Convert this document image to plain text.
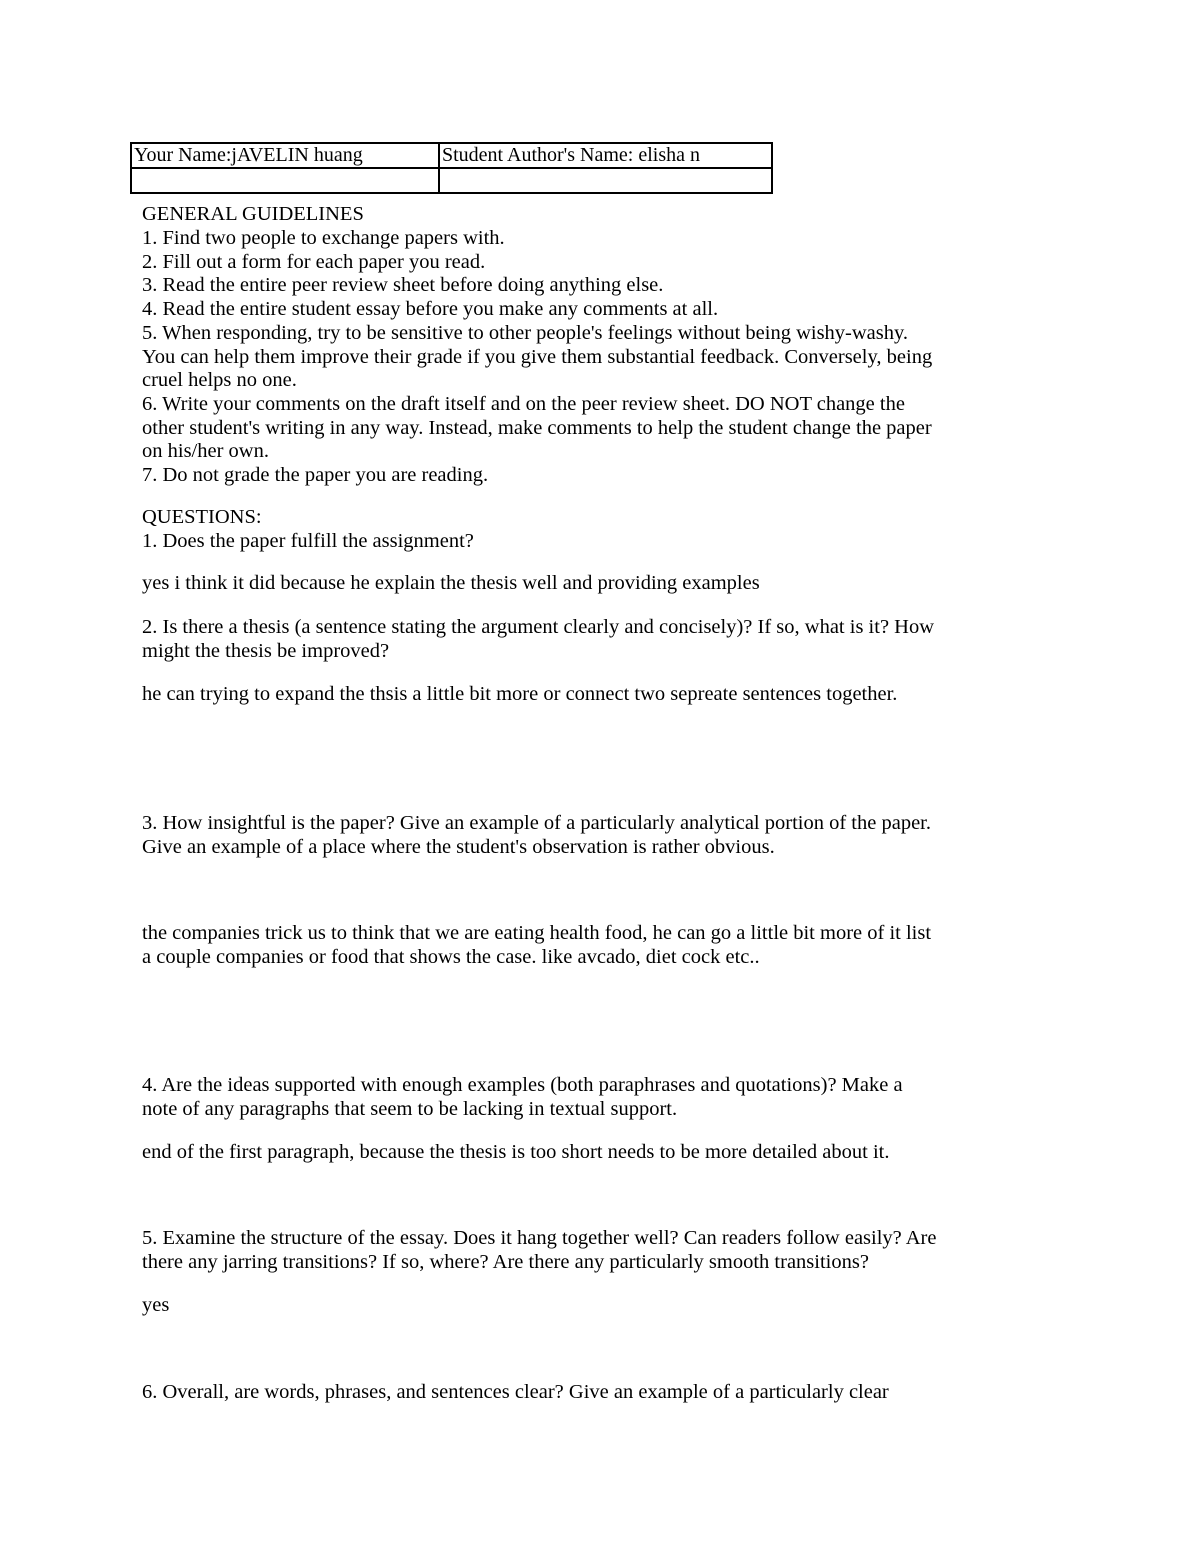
Your Name:jAVELIN huang	Student Author's Name: elisha n

GENERAL GUIDELINES

1. Find two people to exchange papers with.

2. Fill out a form for each paper you read.

3. Read the entire peer review sheet before doing anything else.

4. Read the entire student essay before you make any comments at all.

5. When responding, try to be sensitive to other people's feelings without being wishy-washy.
You can help them improve their grade if you give them substantial feedback. Conversely, being
cruel helps no one.
6. Write your comments on the draft itself and on the peer review sheet. DO NOT change the
other student's writing in any way. Instead, make comments to help the student change the paper
on his/her own.

7. Do not grade the paper you are reading.

QUESTIONS:

1. Does the paper fulfill the assignment?

yes i think it did because he explain the thesis well and providing examples

2. Is there a thesis (a sentence stating the argument clearly and concisely)? If so, what is it? How
might the thesis be improved?

he can trying to expand the thsis a little bit more or connect two sepreate sentences together.

3. How insightful is the paper? Give an example of a particularly analytical portion of the paper.
Give an example of a place where the student's observation is rather obvious.
the companies trick us to think that we are eating health food, he can go a little bit more of it list
a couple companies or food that shows the case. like avcado, diet cock etc..
4. Are the ideas supported with enough examples (both paraphrases and quotations)? Make a
note of any paragraphs that seem to be lacking in textual support.

end of the first paragraph, because the thesis is too short needs to be more detailed about it.

5. Examine the structure of the essay. Does it hang together well? Can readers follow easily? Are
there any jarring transitions? If so, where? Are there any particularly smooth transitions?

yes

6. Overall, are words, phrases, and sentences clear? Give an example of a particularly clear
